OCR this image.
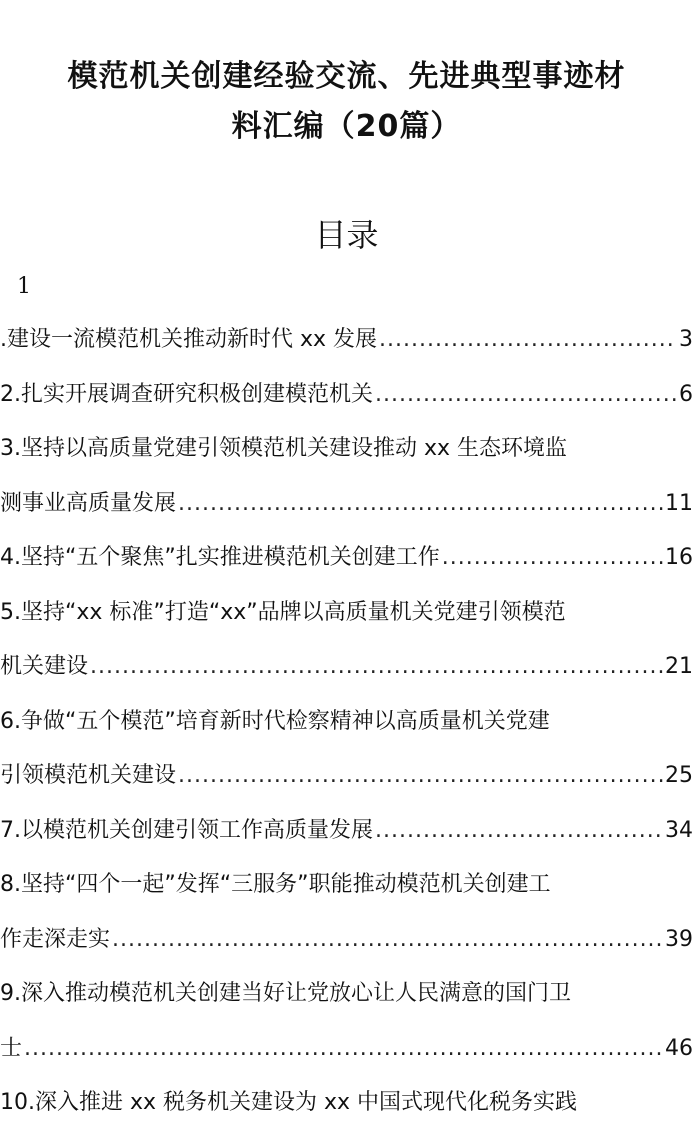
模范机关创建经验交流、先进典型事迹材
料汇编（20篇）
目录
1
.建设一流模范机关推动新时代 xx 发展 .....	3
2.扎实开展调查研究积极创建模范机关 .....	6
3.坚持以高质量党建引领模范机关建设推动 xx 生态环境监
测事业高质量发展 .....	11
4.坚持“五个聚焦”扎实推进模范机关创建工作 .....	16
5.坚持“xx 标准”打造“xx”品牌以高质量机关党建引领模范
机关建设 .....	21
6.争做“五个模范”培育新时代检察精神以高质量机关党建
引领模范机关建设 .....	25
7.以模范机关创建引领工作高质量发展 .....	34
8.坚持“四个一起”发挥“三服务”职能推动模范机关创建工
作走深走实 .....	39
9.深入推动模范机关创建当好让党放心让人民满意的国门卫
士 .....	46
10.深入推进 xx 税务机关建设为 xx 中国式现代化税务实践
